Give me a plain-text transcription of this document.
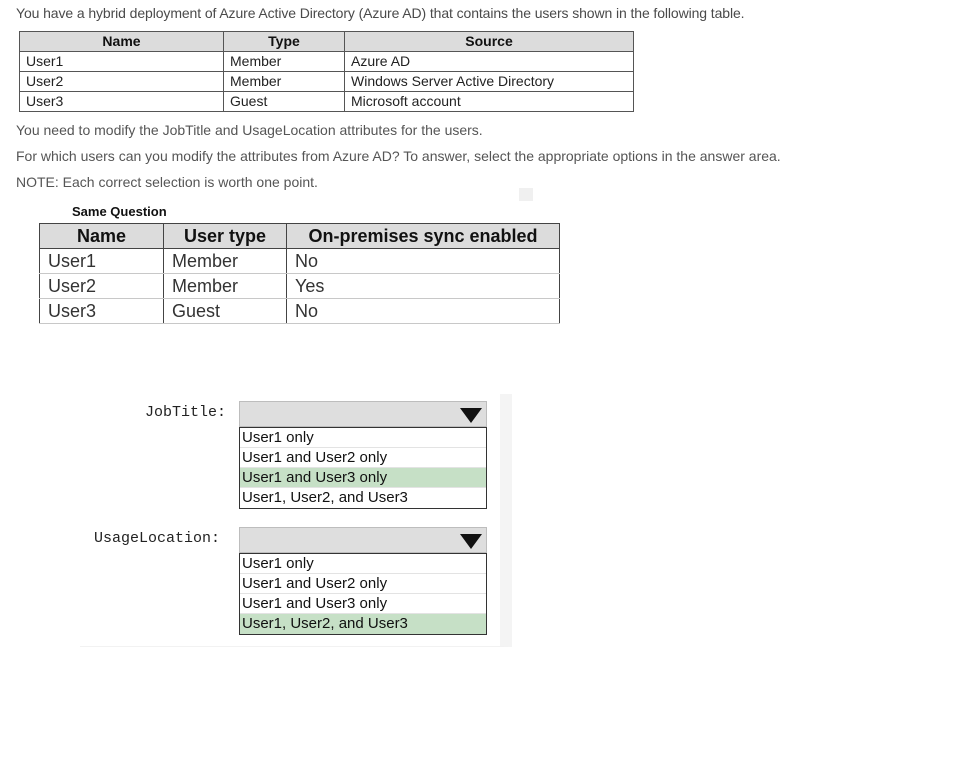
You have a hybrid deployment of Azure Active Directory (Azure AD) that contains the users shown in the following table.
Name	Type	Source
User1	Member	Azure AD
User2	Member	Windows Server Active Directory
User3	Guest	Microsoft account
You need to modify the JobTitle and UsageLocation attributes for the users.
For which users can you modify the attributes from Azure AD? To answer, select the appropriate options in the answer area.
NOTE: Each correct selection is worth one point.
Same Question
Name	User type	On-premises sync enabled
User1	Member	No
User2	Member	Yes
User3	Guest	No
JobTitle:
User1 only
User1 and User2 only
User1 and User3 only
User1, User2, and User3
UsageLocation:
User1 only
User1 and User2 only
User1 and User3 only
User1, User2, and User3
